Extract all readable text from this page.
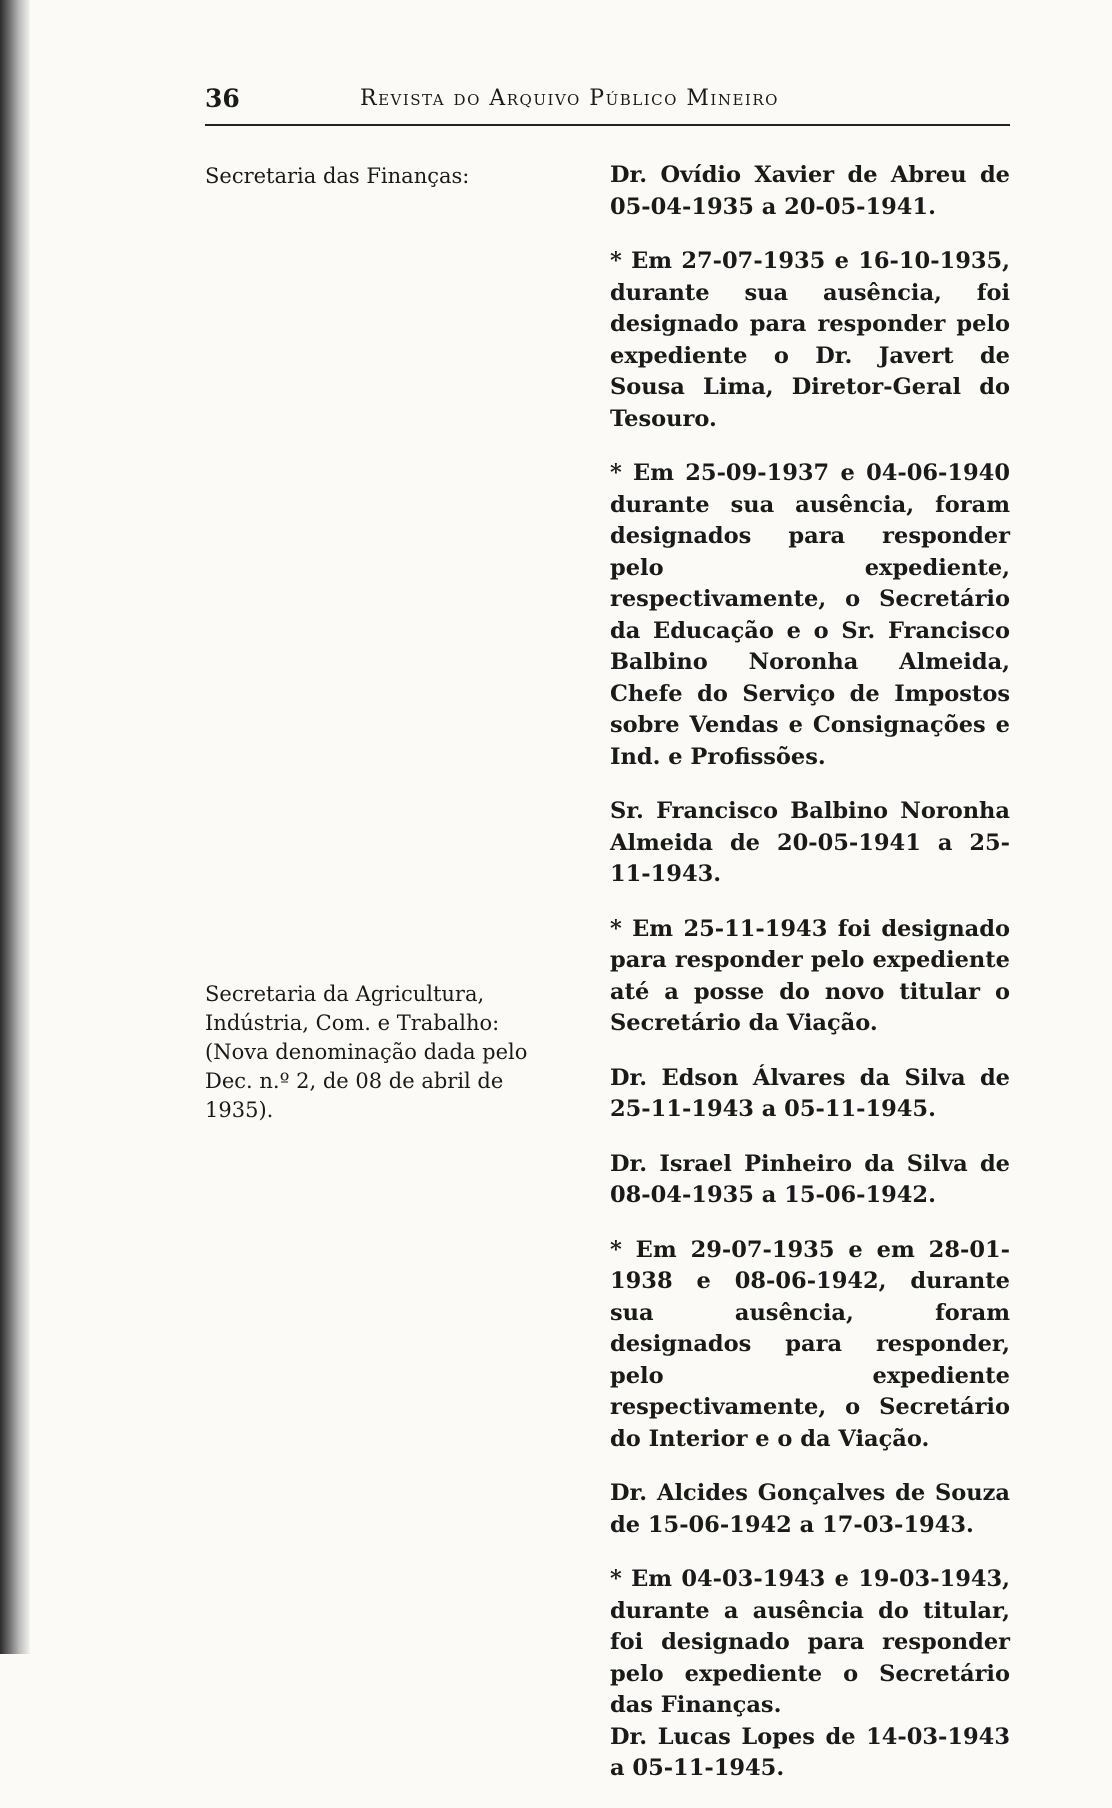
36	Revista do Arquivo Público Mineiro
Secretaria das Finanças:
Secretaria da Agricultura, Indústria, Com. e Trabalho: (Nova denominação dada pelo Dec. n.º 2, de 08 de abril de 1935).

Dr. Ovídio Xavier de Abreu de 05-04-1935 a 20-05-1941.

* Em 27-07-1935 e 16-10-1935, durante sua ausência, foi designado para responder pelo expediente o Dr. Javert de Sousa Lima, Diretor-Geral do Tesouro.

* Em 25-09-1937 e 04-06-1940 durante sua ausência, foram designados para responder pelo expediente, respectivamente, o Secretário da Educação e o Sr. Francisco Balbino Noronha Almeida, Chefe do Serviço de Impostos sobre Vendas e Consignações e Ind. e Profissões.

Sr. Francisco Balbino Noronha Almeida de 20-05-1941 a 25-11-1943.

* Em 25-11-1943 foi designado para responder pelo expediente até a posse do novo titular o Secretário da Viação.

Dr. Edson Álvares da Silva de 25-11-1943 a 05-11-1945.

Dr. Israel Pinheiro da Silva de 08-04-1935 a 15-06-1942.

* Em 29-07-1935 e em 28-01-1938 e 08-06-1942, durante sua ausência, foram designados para responder, pelo expediente respectivamente, o Secretário do Interior e o da Viação.

Dr. Alcides Gonçalves de Souza de 15-06-1942 a 17-03-1943.

* Em 04-03-1943 e 19-03-1943, durante a ausência do titular, foi designado para responder pelo expediente o Secretário das Finanças.

Dr. Lucas Lopes de 14-03-1943 a 05-11-1945.
